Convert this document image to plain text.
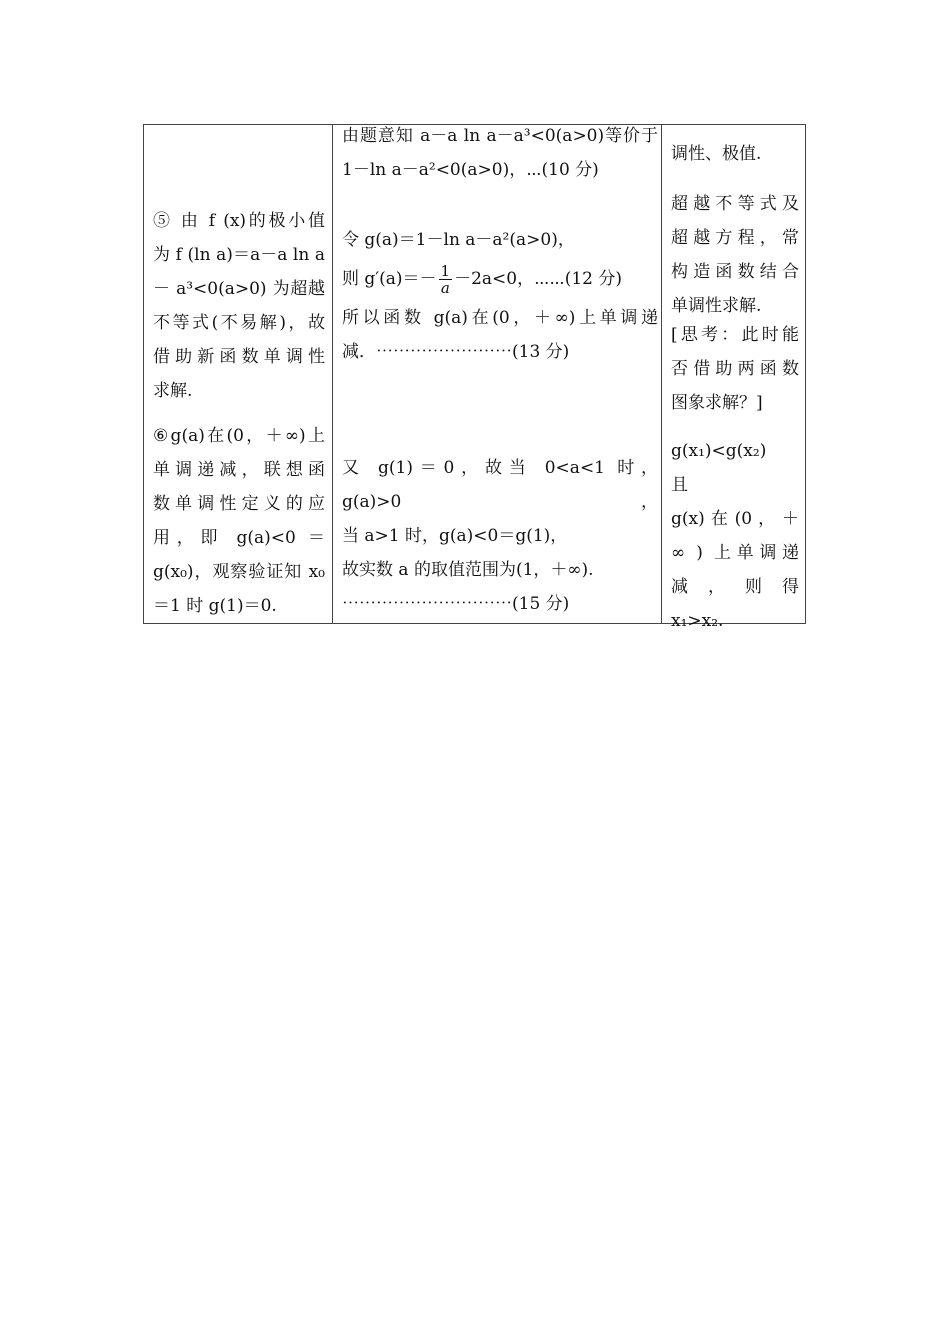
⑤ 由 f (x)的极小值
为 f (ln a)＝a－a ln a
－ a³<0(a>0) 为超越
不等式(不易解)，故
借助新函数单调性
求解.
⑥g(a)在(0，＋∞)上
单调递减，联想函
数单调性定义的应
用，即 g(a)<0 ＝
g(x₀)，观察验证知 x₀
＝1 时 g(1)＝0.
由题意知 a－a ln a－a³<0(a>0)等价于
1－ln a－a²<0(a>0)，⋯(10 分)
令 g(a)＝1－ln a－a²(a>0)，
则 $g'(a)=- \frac{1}{a} -2a<0$，⋯⋯(12 分)
所以函数 g(a)在(0，＋∞)上单调递
减．⋯⋯⋯⋯⋯⋯⋯⋯(13 分)
又 g(1)＝0，故当 0<a<1 时，g(a)>0，
当 a>1 时，g(a)<0＝g(1)，
故实数 a 的取值范围为(1，＋∞).
⋯⋯⋯⋯⋯⋯⋯⋯⋯⋯(15 分)
调性、极值.
超越不等式及
超越方程，常
构造函数结合
单调性求解.
[思考：此时能
否借助两函数
图象求解？]
g(x₁)<g(x₂)　且
g(x) 在 (0 ， ＋
∞ ) 上单调递
减 ， 则 得
x₁>x₂.
